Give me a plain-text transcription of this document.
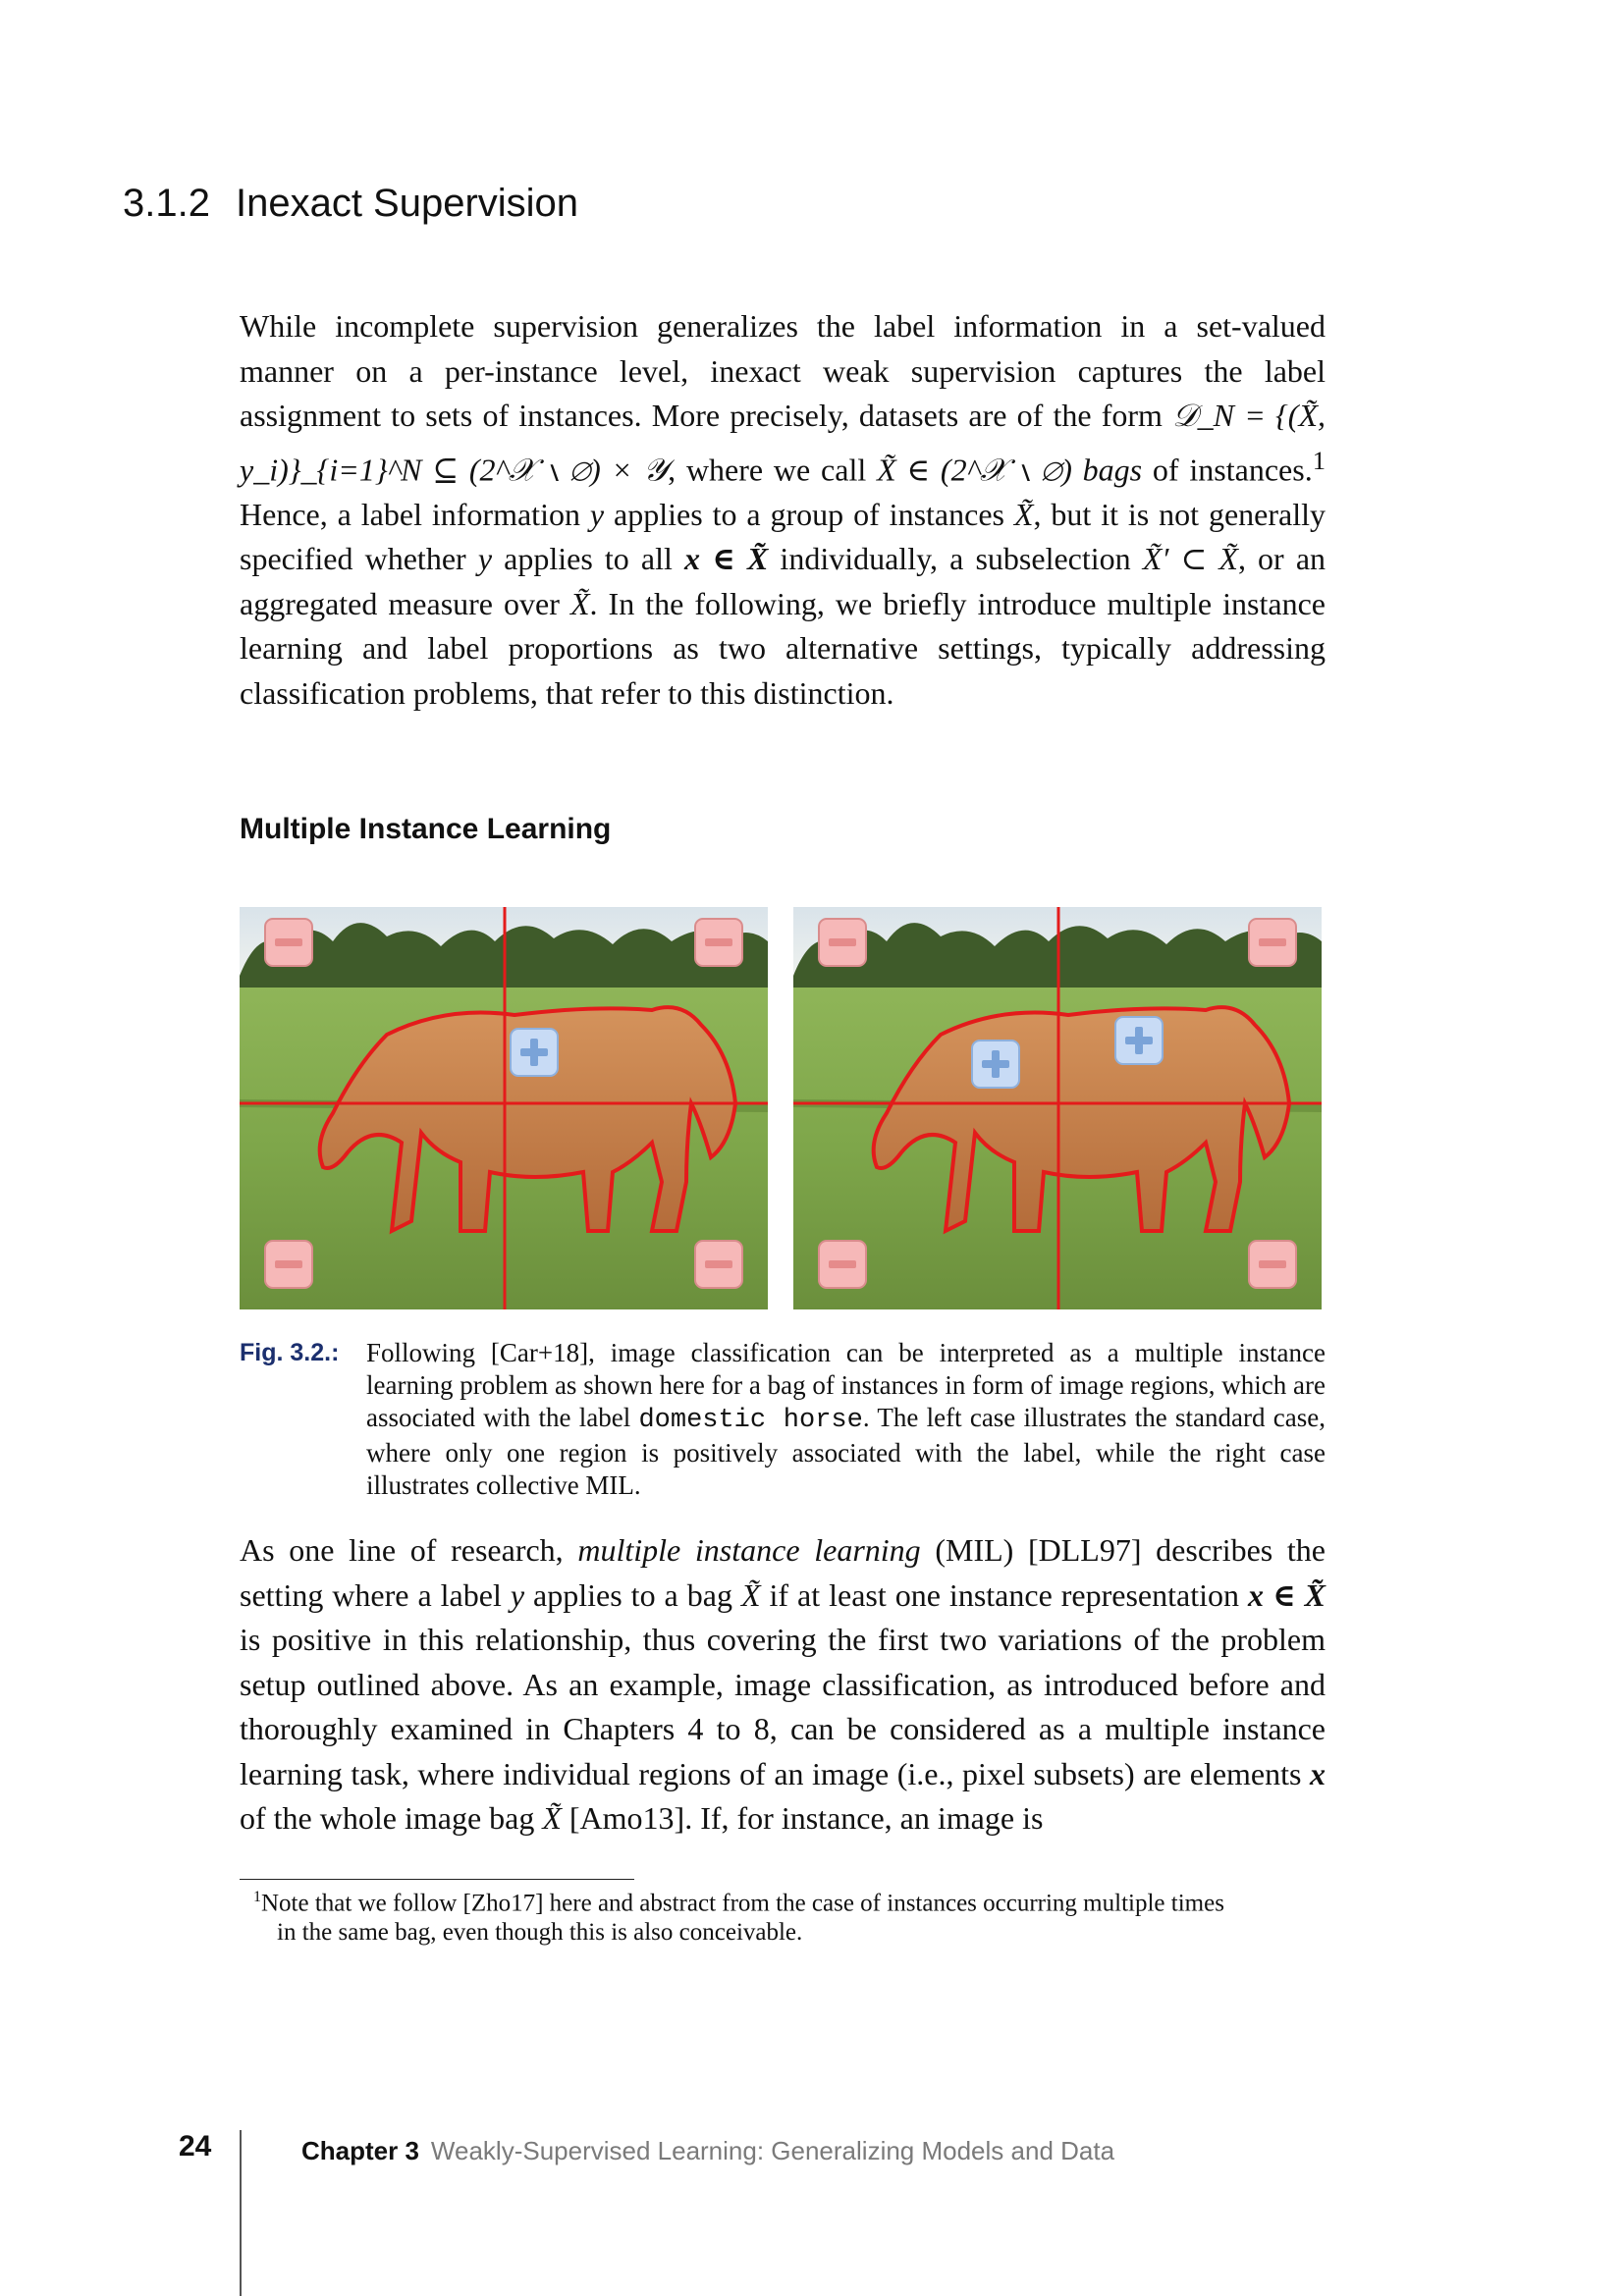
3.1.2 Inexact Supervision

While incomplete supervision generalizes the label information in a set-valued manner on a per-instance level, inexact weak supervision captures the label assignment to sets of instances. More precisely, datasets are of the form 𝒟_N = {(X̃, y_i)}_{i=1}^N ⊆ (2^𝒳 ∖ ∅) × 𝒴, where we call X̃ ∈ (2^𝒳 ∖ ∅) bags of instances.$^1$ Hence, a label information y applies to a group of instances X̃, but it is not generally specified whether y applies to all x ∈ X̃ individually, a subselection X̃′ ⊂ X̃, or an aggregated measure over X̃. In the following, we briefly introduce multiple instance learning and label proportions as two alternative settings, typically addressing classification problems, that refer to this distinction.

Multiple Instance Learning
Fig. 3.2.: Following [Car+18], image classification can be interpreted as a multiple instance learning problem as shown here for a bag of instances in form of image regions, which are associated with the label domestic horse. The left case illustrates the standard case, where only one region is positively associated with the label, while the right case illustrates collective MIL.

As one line of research, multiple instance learning (MIL) [DLL97] describes the setting where a label y applies to a bag X̃ if at least one instance representation x ∈ X̃ is positive in this relationship, thus covering the first two variations of the problem setup outlined above. As an example, image classification, as introduced before and thoroughly examined in Chapters 4 to 8, can be considered as a multiple instance learning task, where individual regions of an image (i.e., pixel subsets) are elements x of the whole image bag X̃ [Amo13]. If, for instance, an image is

$^1$Note that we follow [Zho17] here and abstract from the case of instances occurring multiple times
in the same bag, even though this is also conceivable.
24	Chapter 3 Weakly-Supervised Learning: Generalizing Models and Data
